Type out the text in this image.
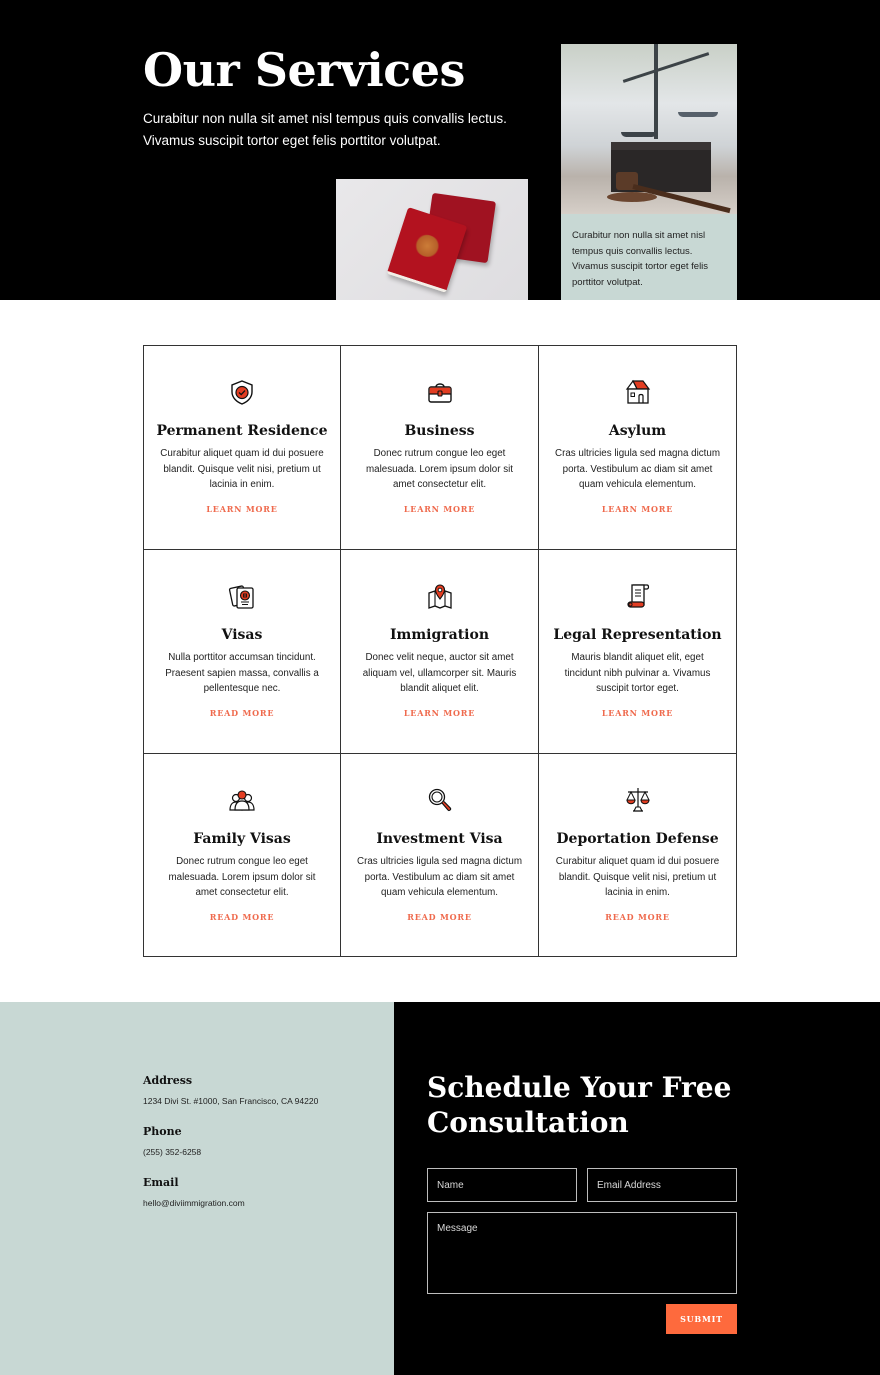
Our Services

Curabitur non nulla sit amet nisl tempus quis convallis lectus. Vivamus suscipit tortor eget felis porttitor volutpat.

Curabitur non nulla sit amet nisl tempus quis convallis lectus. Vivamus suscipit tortor eget felis porttitor volutpat.
Permanent Residence
Curabitur aliquet quam id dui posuere blandit. Quisque velit nisi, pretium ut lacinia in enim.
LEARN MORE
Business
Donec rutrum congue leo eget malesuada. Lorem ipsum dolor sit amet consectetur elit.
LEARN MORE
Asylum
Cras ultricies ligula sed magna dictum porta. Vestibulum ac diam sit amet quam vehicula elementum.
LEARN MORE
Visas
Nulla porttitor accumsan tincidunt. Praesent sapien massa, convallis a pellentesque nec.
READ MORE
Immigration
Donec velit neque, auctor sit amet aliquam vel, ullamcorper sit. Mauris blandit aliquet elit.
LEARN MORE
Legal Representation
Mauris blandit aliquet elit, eget tincidunt nibh pulvinar a. Vivamus suscipit tortor eget.
LEARN MORE
Family Visas
Donec rutrum congue leo eget malesuada. Lorem ipsum dolor sit amet consectetur elit.
READ MORE
Investment Visa
Cras ultricies ligula sed magna dictum porta. Vestibulum ac diam sit amet quam vehicula elementum.
READ MORE
Deportation Defense
Curabitur aliquet quam id dui posuere blandit. Quisque velit nisi, pretium ut lacinia in enim.
READ MORE
Address
1234 Divi St. #1000, San Francisco, CA 94220
Phone
(255) 352-6258
Email
hello@diviimmigration.com
Schedule Your Free Consultation
Name
Email Address
Message
SUBMIT
